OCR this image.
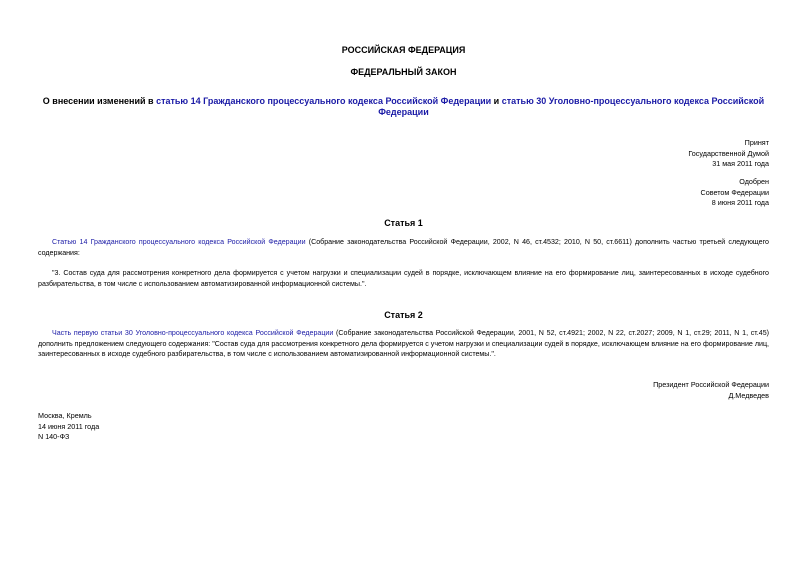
РОССИЙСКАЯ ФЕДЕРАЦИЯ
ФЕДЕРАЛЬНЫЙ ЗАКОН
О внесении изменений в статью 14 Гражданского процессуального кодекса Российской Федерации и статью 30 Уголовно-процессуального кодекса Российской Федерации
Принят
Государственной Думой
31 мая 2011 года
Одобрен
Советом Федерации
8 июня 2011 года
Статья 1
Статью 14 Гражданского процессуального кодекса Российской Федерации (Собрание законодательства Российской Федерации, 2002, N 46, ст.4532; 2010, N 50, ст.6611) дополнить частью третьей следующего содержания:
"3. Состав суда для рассмотрения конкретного дела формируется с учетом нагрузки и специализации судей в порядке, исключающем влияние на его формирование лиц, заинтересованных в исходе судебного разбирательства, в том числе с использованием автоматизированной информационной системы.".
Статья 2
Часть первую статьи 30 Уголовно-процессуального кодекса Российской Федерации (Собрание законодательства Российской Федерации, 2001, N 52, ст.4921; 2002, N 22, ст.2027; 2009, N 1, ст.29; 2011, N 1, ст.45) дополнить предложением следующего содержания: "Состав суда для рассмотрения конкретного дела формируется с учетом нагрузки и специализации судей в порядке, исключающем влияние на его формирование лиц, заинтересованных в исходе судебного разбирательства, в том числе с использованием автоматизированной информационной системы.".
Президент Российской Федерации
Д.Медведев
Москва, Кремль
14 июня 2011 года
N 140-ФЗ
